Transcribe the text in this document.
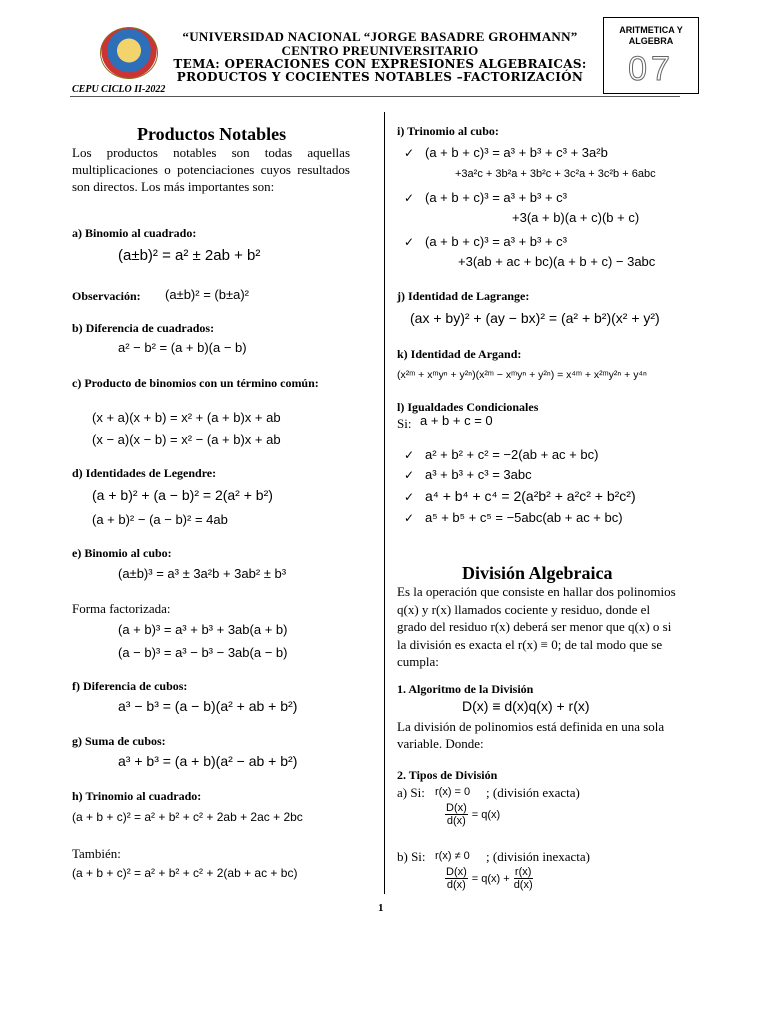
“UNIVERSIDAD NACIONAL “JORGE BASADRE GROHMANN”
CENTRO PREUNIVERSITARIO
TEMA: OPERACIONES CON EXPRESIONES ALGEBRAICAS:
PRODUCTOS Y COCIENTES NOTABLES –FACTORIZACIÓN
CEPU CICLO II-2022
ARITMETICA Y ALGEBRA
07
Productos Notables
Los productos notables son todas aquellas multiplicaciones o potenciaciones cuyos resultados son directos. Los más importantes son:
a) Binomio al cuadrado:
(a±b)² = a² ± 2ab + b²
Observación: (a±b)² = (b±a)²
b) Diferencia de cuadrados:
a² − b² = (a + b)(a − b)
c) Producto de binomios con un término común:
(x + a)(x + b) = x² + (a + b)x + ab
(x − a)(x − b) = x² − (a + b)x + ab
d) Identidades de Legendre:
(a + b)² + (a − b)² = 2(a² + b²)
(a + b)² − (a − b)² = 4ab
e) Binomio al cubo:
(a±b)³ = a³ ± 3a²b + 3ab² ± b³
Forma factorizada:
(a + b)³ = a³ + b³ + 3ab(a + b)
(a − b)³ = a³ − b³ − 3ab(a − b)
f) Diferencia de cubos:
a³ − b³ = (a − b)(a² + ab + b²)
g) Suma de cubos:
a³ + b³ = (a + b)(a² − ab + b²)
h) Trinomio al cuadrado:
(a + b + c)² = a² + b² + c² + 2ab + 2ac + 2bc
También:
(a + b + c)² = a² + b² + c² + 2(ab + ac + bc)
i) Trinomio al cubo:
✓ (a + b + c)³ = a³ + b³ + c³ + 3a²b
+3a²c + 3b²a + 3b²c + 3c²a + 3c²b + 6abc
✓ (a + b + c)³ = a³ + b³ + c³
+3(a + b)(a + c)(b + c)
✓ (a + b + c)³ = a³ + b³ + c³
+3(ab + ac + bc)(a + b + c) − 3abc
j) Identidad de Lagrange:
(ax + by)² + (ay − bx)² = (a² + b²)(x² + y²)
k) Identidad de Argand:
(x²ᵐ + xᵐyⁿ + y²ⁿ)(x²ᵐ − xᵐyⁿ + y²ⁿ) = x⁴ᵐ + x²ᵐy²ⁿ + y⁴ⁿ
l) Igualdades Condicionales
Si: a + b + c = 0
✓ a² + b² + c² = −2(ab + ac + bc)
✓ a³ + b³ + c³ = 3abc
✓ a⁴ + b⁴ + c⁴ = 2(a²b² + a²c² + b²c²)
✓ a⁵ + b⁵ + c⁵ = −5abc(ab + ac + bc)
División Algebraica
Es la operación que consiste en hallar dos polinomios q(x) y r(x) llamados cociente y residuo, donde el grado del residuo r(x) deberá ser menor que q(x) o si la división es exacta el r(x) ≡ 0; de tal modo que se cumpla:
1. Algoritmo de la División
D(x) ≡ d(x)q(x) + r(x)
La división de polinomios está definida en una sola variable. Donde:
2. Tipos de División
a) Si: r(x) = 0 ; (división exacta)
$\frac{D(x)}{d(x)} = q(x)$
b) Si: r(x) ≠ 0 ; (división inexacta)
$\frac{D(x)}{d(x)} = q(x) + \frac{r(x)}{d(x)}$
1
